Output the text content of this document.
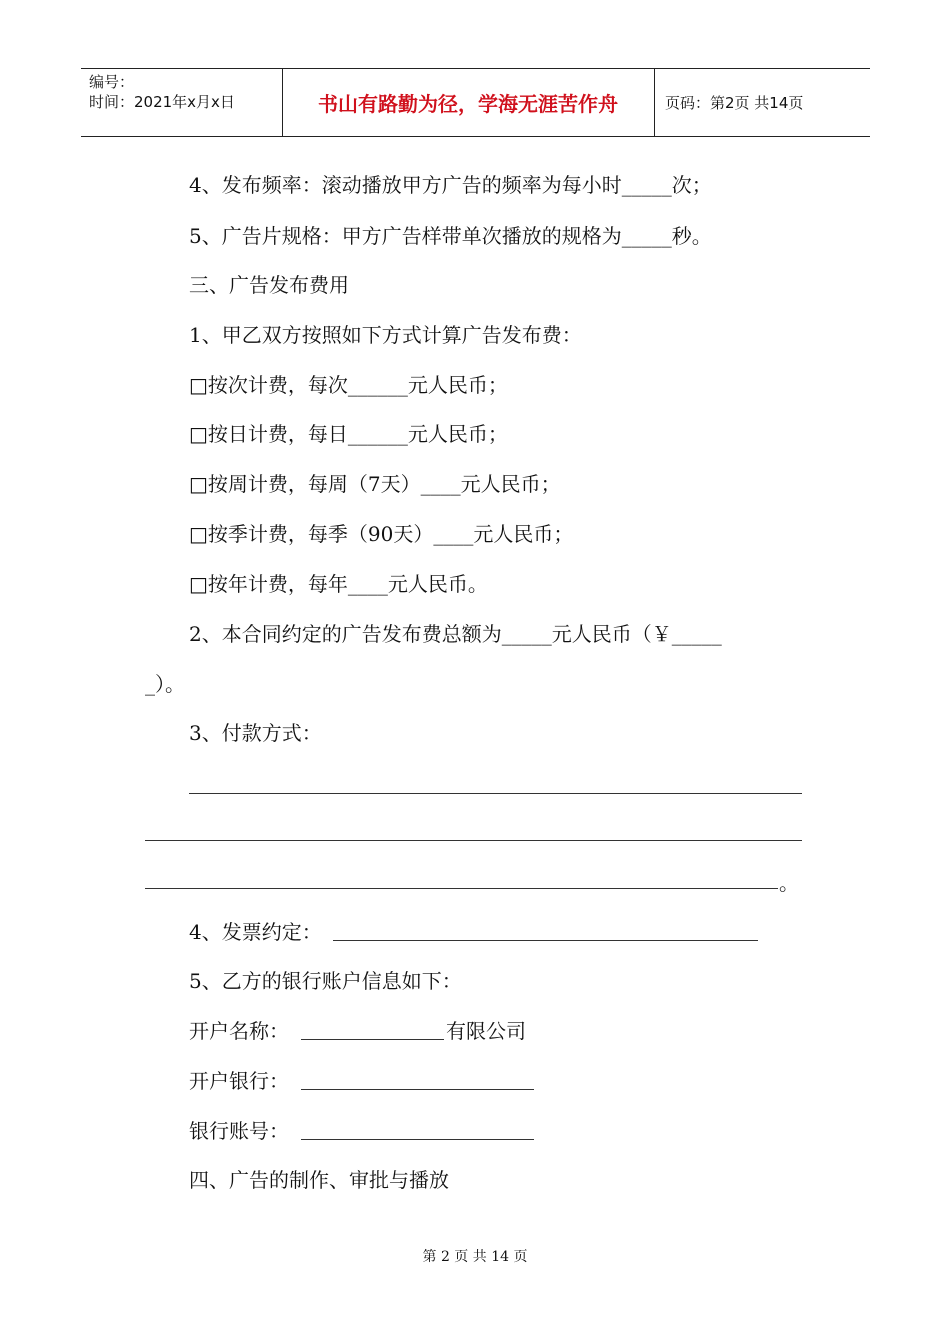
编号：
时间：2021年x月x日	书山有路勤为径，学海无涯苦作舟	页码：第2页 共14页
4、发布频率：滚动播放甲方广告的频率为每小时_____次；
5、广告片规格：甲方广告样带单次播放的规格为_____秒。
三、广告发布费用
1、甲乙双方按照如下方式计算广告发布费：
□按次计费，每次______元人民币；
□按日计费，每日______元人民币；
□按周计费，每周（7天）____元人民币；
□按季计费，每季（90天）____元人民币；
□按年计费，每年____元人民币。
2、本合同约定的广告发布费总额为_____元人民币（￥_____
_）。
3、付款方式：
。
4、发票约定：
5、乙方的银行账户信息如下：
开户名称：	有限公司
开户银行：
银行账号：
四、广告的制作、审批与播放
第 2 页 共 14 页
